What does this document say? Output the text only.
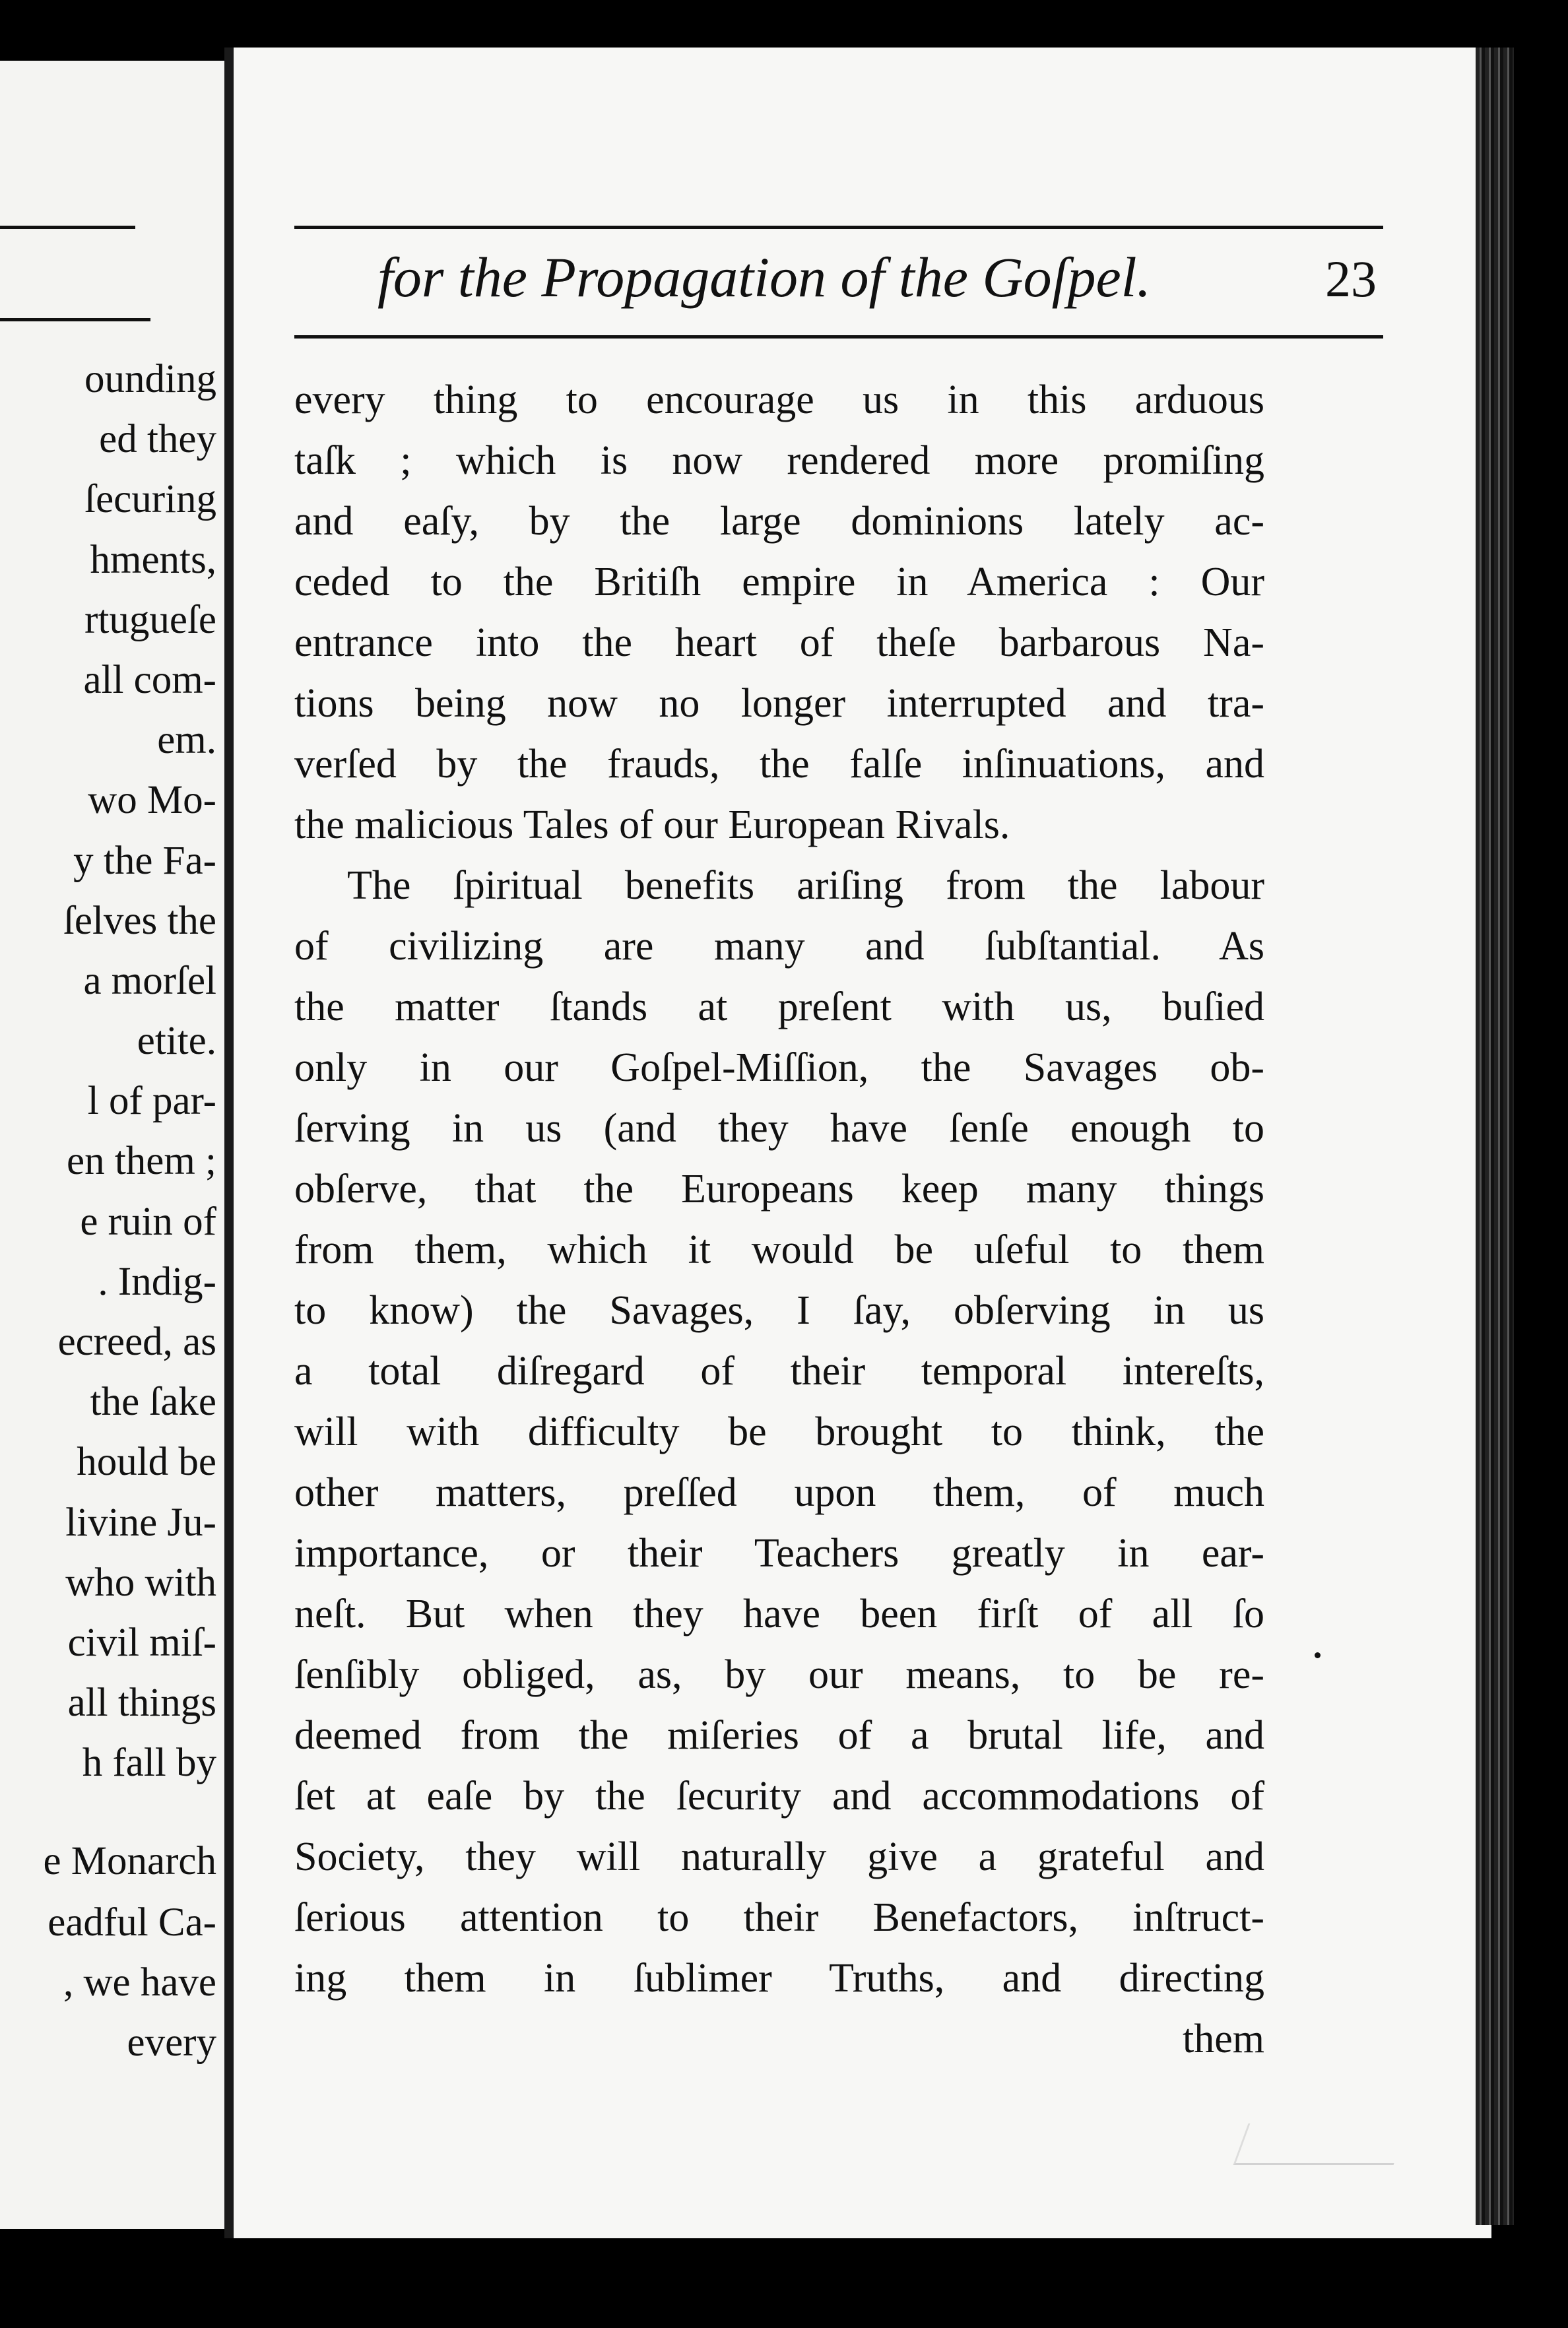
ounding
ed they
ſecuring
hments,
rtugueſe
all com-
em.
wo Mo-
y the Fa-
ſelves the
a morſel
etite.
l of par-
en them ;
e ruin of
. Indig-
ecreed, as
the ſake
hould be
livine Ju-
who with
civil miſ-
all things
h fall by
e Monarch
eadful Ca-
, we have
every
for the Propagation of the Goſpel.	23
every thing to encourage us in this arduous
taſk ; which is now rendered more promiſing
and eaſy, by the large dominions lately ac-
ceded to the Britiſh empire in America : Our
entrance into the heart of theſe barbarous Na-
tions being now no longer interrupted and tra-
verſed by the frauds, the falſe inſinuations, and
the malicious Tales of our European Rivals.
The ſpiritual benefits ariſing from the labour
of civilizing are many and ſubſtantial. As
the matter ſtands at preſent with us, buſied
only in our Goſpel-Miſſion, the Savages ob-
ſerving in us (and they have ſenſe enough to
obſerve, that the Europeans keep many things
from them, which it would be uſeful to them
to know) the Savages, I ſay, obſerving in us
a total diſregard of their temporal intereſts,
will with difficulty be brought to think, the
other matters, preſſed upon them, of much
importance, or their Teachers greatly in ear-
neſt. But when they have been firſt of all ſo
ſenſibly obliged, as, by our means, to be re-
deemed from the miſeries of a brutal life, and
ſet at eaſe by the ſecurity and accommodations of
Society, they will naturally give a grateful and
ſerious attention to their Benefactors, inſtruct-
ing them in ſublimer Truths, and directing
them
